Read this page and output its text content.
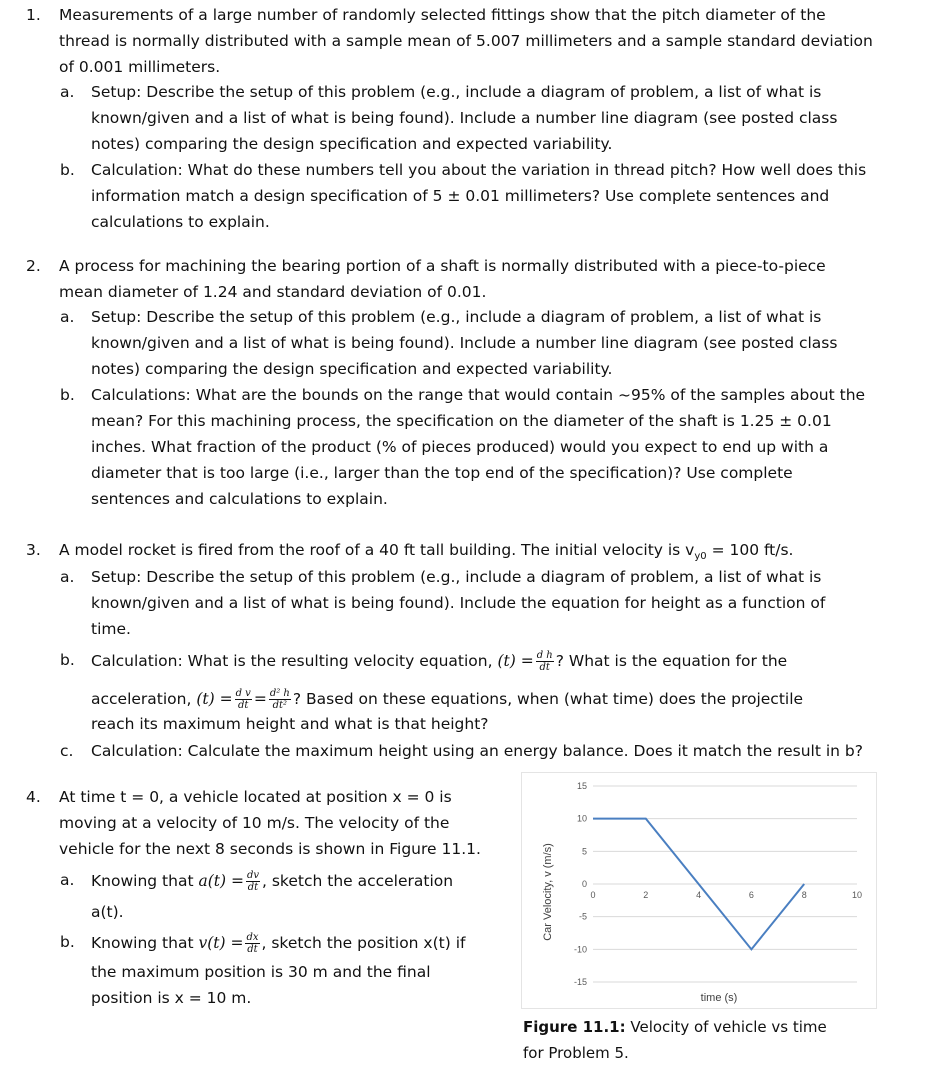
1. Measurements of a large number of randomly selected fittings show that the pitch diameter of the
thread is normally distributed with a sample mean of 5.007 millimeters and a sample standard deviation
of 0.001 millimeters.
a. Setup: Describe the setup of this problem (e.g., include a diagram of problem, a list of what is
known/given and a list of what is being found). Include a number line diagram (see posted class
notes) comparing the design specification and expected variability.
b. Calculation: What do these numbers tell you about the variation in thread pitch? How well does this
information match a design specification of 5 ± 0.01 millimeters? Use complete sentences and
calculations to explain.
2. A process for machining the bearing portion of a shaft is normally distributed with a piece-to-piece
mean diameter of 1.24 and standard deviation of 0.01.
a. Setup: Describe the setup of this problem (e.g., include a diagram of problem, a list of what is
known/given and a list of what is being found). Include a number line diagram (see posted class
notes) comparing the design specification and expected variability.
b. Calculations: What are the bounds on the range that would contain ~95% of the samples about the
mean? For this machining process, the specification on the diameter of the shaft is 1.25 ± 0.01
inches. What fraction of the product (% of pieces produced) would you expect to end up with a
diameter that is too large (i.e., larger than the top end of the specification)? Use complete
sentences and calculations to explain.
3. A model rocket is fired from the roof of a 40 ft tall building. The initial velocity is $v_{y0} = 100$ ft/s.
a. Setup: Describe the setup of this problem (e.g., include a diagram of problem, a list of what is
known/given and a list of what is being found). Include the equation for height as a function of
time.
b. Calculation: What is the resulting velocity equation, $(t) = \frac{\text{d h}}{dt}$ ? What is the equation for the
acceleration, $(t) = \frac{\text{d v}}{dt} = \frac{\text{d² h}}{\text{dt²}}$ ? Based on these equations, when (what time) does the projectile
reach its maximum height and what is that height?
c. Calculation: Calculate the maximum height using an energy balance. Does it match the result in b?
4. At time t = 0, a vehicle located at position x = 0 is
moving at a velocity of 10 m/s. The velocity of the
vehicle for the next 8 seconds is shown in Figure 11.1.
a. Knowing that $a(t) = \frac{dv}{dt}$ , sketch the acceleration
a(t).
b. Knowing that $v(t) = \frac{dx}{dt}$ , sketch the position x(t) if
the maximum position is 30 m and the final
position is x = 10 m.
15
10
5
0
-5
-10
-15
0	2	4	6	8	10
Car Velocity, v (m/s)
time (s)
Figure 11.1: Velocity of vehicle vs time
for Problem 5.
